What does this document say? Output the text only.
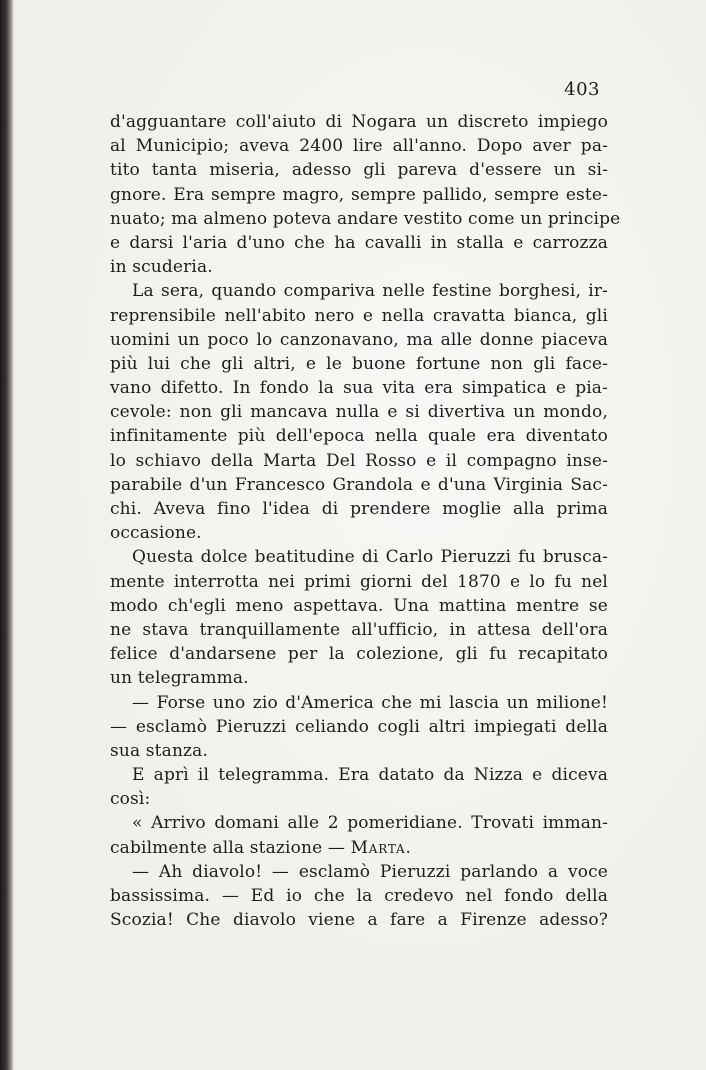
403
d'agguantare coll'aiuto di Nogara un discreto impiego
al Municipio; aveva 2400 lire all'anno. Dopo aver pa-
tito tanta miseria, adesso gli pareva d'essere un si-
gnore. Era sempre magro, sempre pallido, sempre este-
nuato; ma almeno poteva andare vestito come un principe
e darsi l'aria d'uno che ha cavalli in stalla e carrozza
in scuderia.
La sera, quando compariva nelle festine borghesi, ir-
reprensibile nell'abito nero e nella cravatta bianca, gli
uomini un poco lo canzonavano, ma alle donne piaceva
più lui che gli altri, e le buone fortune non gli face-
vano difetto. In fondo la sua vita era simpatica e pia-
cevole: non gli mancava nulla e si divertiva un mondo,
infinitamente più dell'epoca nella quale era diventato
lo schiavo della Marta Del Rosso e il compagno inse-
parabile d'un Francesco Grandola e d'una Virginia Sac-
chi. Aveva fino l'idea di prendere moglie alla prima
occasione.
Questa dolce beatitudine di Carlo Pieruzzi fu brusca-
mente interrotta nei primi giorni del 1870 e lo fu nel
modo ch'egli meno aspettava. Una mattina mentre se
ne stava tranquillamente all'ufficio, in attesa dell'ora
felice d'andarsene per la colezione, gli fu recapitato
un telegramma.
— Forse uno zio d'America che mi lascia un milione!
— esclamò Pieruzzi celiando cogli altri impiegati della
sua stanza.
E aprì il telegramma. Era datato da Nizza e diceva
così:
« Arrivo domani alle 2 pomeridiane. Trovati imman-
cabilmente alla stazione — Marta.
— Ah diavolo! — esclamò Pieruzzi parlando a voce
bassissima. — Ed io che la credevo nel fondo della
Scozia! Che diavolo viene a fare a Firenze adesso?
